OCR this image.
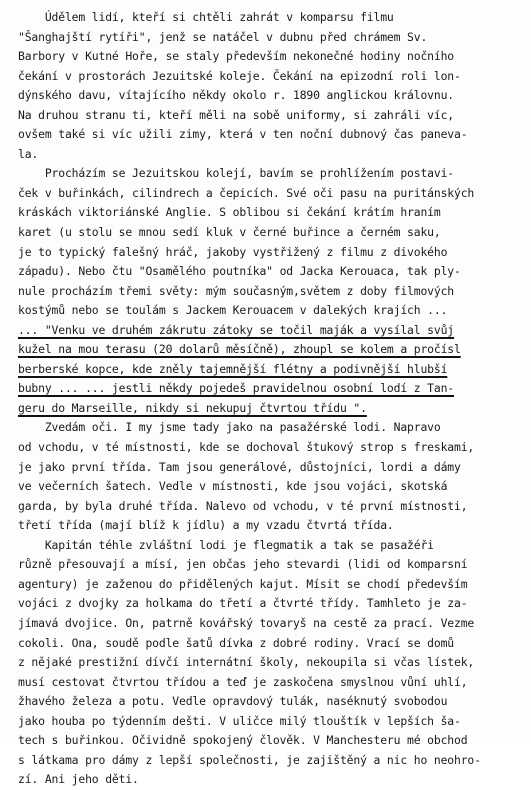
Údělem lidí, kteří si chtěli zahrát v komparsu filmu
"Šanghajští rytíři", jenž se natáčel v dubnu před chrámem Sv.
Barbory v Kutné Hoře, se staly především nekonečné hodiny nočního
čekání v prostorách Jezuitské koleje. Čekání na epizodní roli lon-
dýnského davu, vítajícího někdy okolo r. 1890 anglickou královnu.
Na druhou stranu ti, kteří měli na sobě uniformy, si zahráli víc,
ovšem také si víc užili zimy, která v ten noční dubnový čas paneva-
la.
Procházím se Jezuitskou kolejí, bavím se prohlížením postavi-
ček v buřinkách, cilindrech a čepicích. Své oči pasu na puritánských
kráskách viktoriánské Anglie. S oblibou si čekání krátím hraním
karet (u stolu se mnou sedí kluk v černé buřince a černém saku,
je to typický falešný hráč, jakoby vystřižený z filmu z divokého
západu). Nebo čtu "Osamělého poutníka" od Jacka Kerouaca, tak ply-
nule procházím třemi světy: mým současným,světem z doby filmových
kostýmů nebo se toulám s Jackem Kerouacem v dalekých krajích ...
... "Venku ve druhém zákrutu zátoky se točil maják a vysílal svůj
kužel na mou terasu (20 dolarů měsíčně), zhoupl se kolem a pročísl
berberské kopce, kde zněly tajemnější flétny a podivnější hlubší
bubny ... ... jestli někdy pojedeš pravidelnou osobní lodí z Tan-
geru do Marseille, nikdy si nekupuj čtvrtou třídu ".
Zvedám oči. I my jsme tady jako na pasažérské lodi. Napravo
od vchodu, v té místnosti, kde se dochoval štukový strop s freskami,
je jako první třída. Tam jsou generálové, důstojníci, lordi a dámy
ve večerních šatech. Vedle v místnosti, kde jsou vojáci, skotská
garda, by byla druhé třída. Nalevo od vchodu, v té první místnosti,
třetí třída (mají blíž k jídlu) a my vzadu čtvrtá třída.
Kapitán téhle zvláštní lodi je flegmatik a tak se pasažéři
různě přesouvají a mísí, jen občas jeho stevardi (lidi od komparsní
agentury) je zaženou do přidělených kajut. Mísit se chodí především
vojáci z dvojky za holkama do třetí a čtvrté třídy. Tamhleto je za-
jímavá dvojice. On, patrně kovářský tovaryš na cestě za prací. Vezme
cokoli. Ona, soudě podle šatů dívka z dobré rodiny. Vrací se domů
z nějaké prestižní dívčí internátní školy, nekoupila si včas lístek,
musí cestovat čtvrtou třídou a teď je zaskočena smyslnou vůní uhlí,
žhavého železa a potu. Vedle opravdový tulák, naséknutý svobodou
jako houba po týdenním dešti. V uličce milý tlouštík v lepších ša-
tech s buřinkou. Očividně spokojený člověk. V Manchesteru mé obchod
s látkama pro dámy z lepší společnosti, je zajištěný a nic ho neohro-
zí. Ani jeho děti.
